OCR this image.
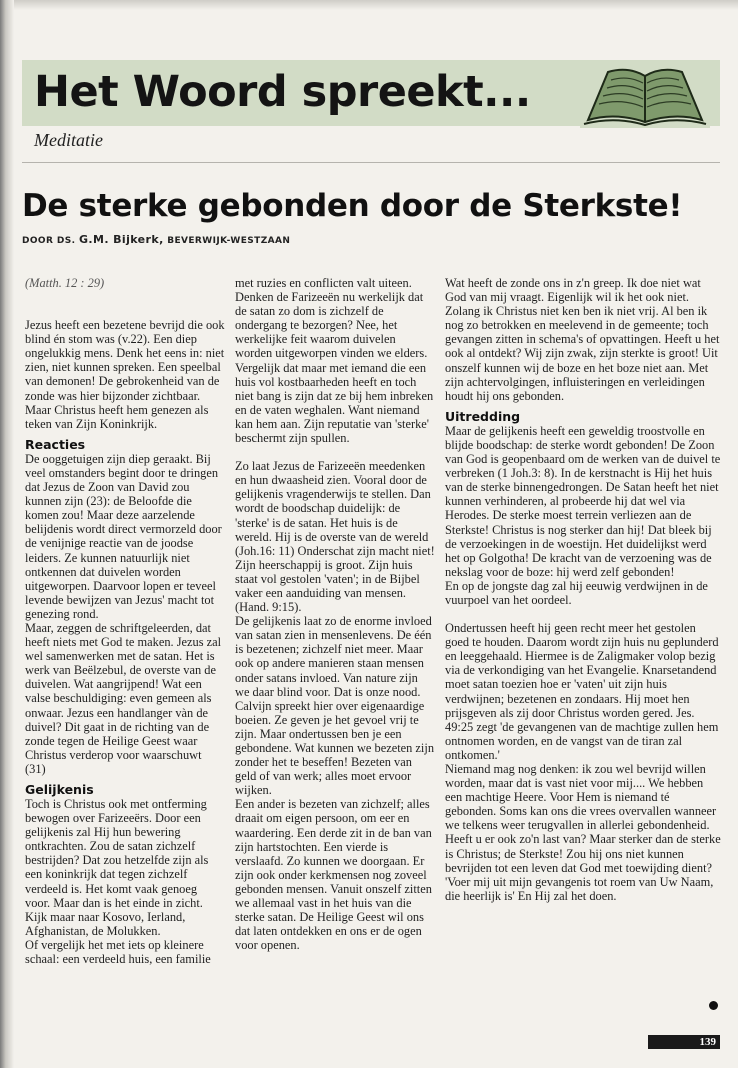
Het Woord spreekt...
Meditatie
De sterke gebonden door de Sterkste!
DOOR DS. G.M. Bijkerk, BEVERWIJK-WESTZAAN

(Matth. 12 : 29)

Jezus heeft een bezetene bevrijd die ook blind én stom was (v.22). Een diep ongelukkig mens. Denk het eens in: niet zien, niet kunnen spreken. Een speelbal van demonen! De gebrokenheid van de zonde was hier bijzonder zichtbaar. Maar Christus heeft hem genezen als teken van Zijn Koninkrijk.

Reacties

De ooggetuigen zijn diep geraakt. Bij veel omstanders begint door te dringen dat Jezus de Zoon van David zou kunnen zijn (23): de Beloofde die komen zou! Maar deze aarzelende belijdenis wordt direct vermorzeld door de venijnige reactie van de joodse leiders. Ze kunnen natuurlijk niet ontkennen dat duivelen worden uitgeworpen. Daarvoor lopen er teveel levende bewijzen van Jezus' macht tot genezing rond.

Maar, zeggen de schriftgeleerden, dat heeft niets met God te maken. Jezus zal wel samenwerken met de satan. Het is werk van Beëlzebul, de overste van de duivelen. Wat aangrijpend! Wat een valse beschuldiging: even gemeen als onwaar. Jezus een handlanger vàn de duivel? Dit gaat in de richting van de zonde tegen de Heilige Geest waar Christus verderop voor waarschuwt (31)

Gelijkenis

Toch is Christus ook met ontferming bewogen over Farizeeërs. Door een gelijkenis zal Hij hun bewering ontkrachten. Zou de satan zichzelf bestrijden? Dat zou hetzelfde zijn als een koninkrijk dat tegen zichzelf verdeeld is. Het komt vaak genoeg voor. Maar dan is het einde in zicht. Kijk maar naar Kosovo, Ierland, Afghanistan, de Molukken.

Of vergelijk het met iets op kleinere schaal: een verdeeld huis, een familie

met ruzies en conflicten valt uiteen. Denken de Farizeeën nu werkelijk dat de satan zo dom is zichzelf de ondergang te bezorgen? Nee, het werkelijke feit waarom duivelen worden uitgeworpen vinden we elders. Vergelijk dat maar met iemand die een huis vol kostbaarheden heeft en toch niet bang is zijn dat ze bij hem inbreken en de vaten weghalen. Want niemand kan hem aan. Zijn reputatie van 'sterke' beschermt zijn spullen.

Zo laat Jezus de Farizeeën meedenken en hun dwaasheid zien. Vooral door de gelijkenis vragenderwijs te stellen. Dan wordt de boodschap duidelijk: de 'sterke' is de satan. Het huis is de wereld. Hij is de overste van de wereld (Joh.16: 11) Onderschat zijn macht niet! Zijn heerschappij is groot. Zijn huis staat vol gestolen 'vaten'; in de Bijbel vaker een aanduiding van mensen. (Hand. 9:15).

De gelijkenis laat zo de enorme invloed van satan zien in mensenlevens. De één is bezetenen; zichzelf niet meer. Maar ook op andere manieren staan mensen onder satans invloed. Van nature zijn we daar blind voor. Dat is onze nood. Calvijn spreekt hier over eigenaardige boeien. Ze geven je het gevoel vrij te zijn. Maar ondertussen ben je een gebondene. Wat kunnen we bezeten zijn zonder het te beseffen! Bezeten van geld of van werk; alles moet ervoor wijken.

Een ander is bezeten van zichzelf; alles draait om eigen persoon, om eer en waardering. Een derde zit in de ban van zijn hartstochten. Een vierde is verslaafd. Zo kunnen we doorgaan. Er zijn ook onder kerkmensen nog zoveel gebonden mensen. Vanuit onszelf zitten we allemaal vast in het huis van die sterke satan. De Heilige Geest wil ons dat laten ontdekken en ons er de ogen voor openen.

Wat heeft de zonde ons in z'n greep. Ik doe niet wat God van mij vraagt. Eigenlijk wil ik het ook niet. Zolang ik Christus niet ken ben ik niet vrij. Al ben ik nog zo betrokken en meelevend in de gemeente; toch gevangen zitten in schema's of opvattingen. Heeft u het ook al ontdekt? Wij zijn zwak, zijn sterkte is groot! Uit onszelf kunnen wij de boze en het boze niet aan. Met zijn achtervolgingen, influisteringen en verleidingen houdt hij ons gebonden.

Uitredding

Maar de gelijkenis heeft een geweldig troostvolle en blijde boodschap: de sterke wordt gebonden! De Zoon van God is geopenbaard om de werken van de duivel te verbreken (1 Joh.3: 8). In de kerstnacht is Hij het huis van de sterke binnengedrongen. De Satan heeft het niet kunnen verhinderen, al probeerde hij dat wel via Herodes. De sterke moest terrein verliezen aan de Sterkste! Christus is nog sterker dan hij! Dat bleek bij de verzoekingen in de woestijn. Het duidelijkst werd het op Golgotha! De kracht van de verzoening was de nekslag voor de boze: hij werd zelf gebonden!

En op de jongste dag zal hij eeuwig verdwijnen in de vuurpoel van het oordeel.

Ondertussen heeft hij geen recht meer het gestolen goed te houden. Daarom wordt zijn huis nu geplunderd en leeggehaald. Hiermee is de Zaligmaker volop bezig via de verkondiging van het Evangelie. Knarsetandend moet satan toezien hoe er 'vaten' uit zijn huis verdwijnen; bezetenen en zondaars. Hij moet hen prijsgeven als zij door Christus worden gered. Jes. 49:25 zegt 'de gevangenen van de machtige zullen hem ontnomen worden, en de vangst van de tiran zal ontkomen.'

Niemand mag nog denken: ik zou wel bevrijd willen worden, maar dat is vast niet voor mij.... We hebben een machtige Heere. Voor Hem is niemand té gebonden. Soms kan ons die vrees overvallen wanneer we telkens weer terugvallen in allerlei gebondenheid. Heeft u er ook zo'n last van? Maar sterker dan de sterke is Christus; de Sterkste! Zou hij ons niet kunnen bevrijden tot een leven dat God met toewijding dient? 'Voer mij uit mijn gevangenis tot roem van Uw Naam, die heerlijk is' En Hij zal het doen.

139
